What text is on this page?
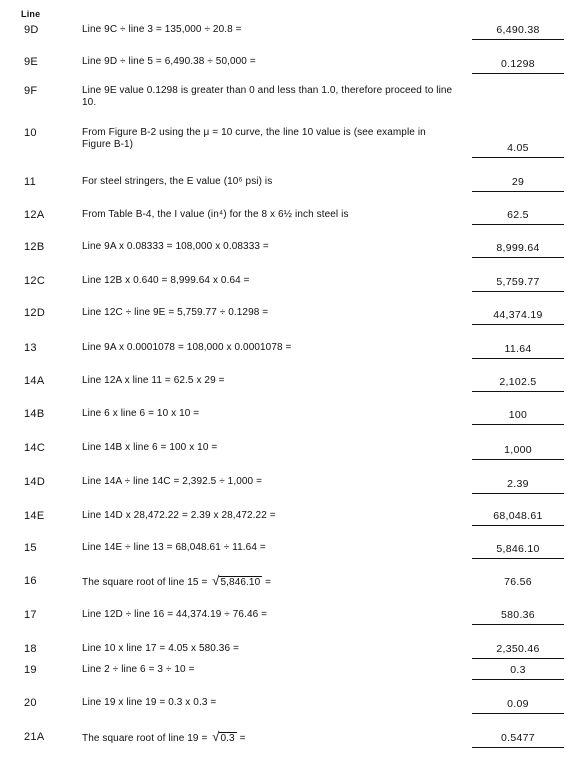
Line
9D	Line 9C ÷ line 3 = 135,000 ÷ 20.8 =	6,490.38
9E	Line 9D ÷ line 5 = 6,490.38 ÷ 50,000 =	0.1298
9F	Line 9E value 0.1298 is greater than 0 and less than 1.0, therefore proceed to line 10.
10	From Figure B-2 using the μ = 10 curve, the line 10 value is (see example in Figure B-1)	4.05
11	For steel stringers, the E value (10⁶ psi) is	29
12A	From Table B-4, the I value (in⁴) for the 8 x 6½ inch steel is	62.5
12B	Line 9A x 0.08333 = 108,000 x 0.08333 =	8,999.64
12C	Line 12B x 0.640 = 8,999.64 x 0.64 =	5,759.77
12D	Line 12C ÷ line 9E = 5,759.77 ÷ 0.1298 =	44,374.19
13	Line 9A x 0.0001078 = 108,000 x 0.0001078 =	11.64
14A	Line 12A x line 11 = 62.5 x 29 =	2,102.5
14B	Line 6 x line 6 = 10 x 10 =	100
14C	Line 14B x line 6 = 100 x 10 =	1,000
14D	Line 14A ÷ line 14C = 2,392.5 ÷ 1,000 =	2.39
14E	Line 14D x 28,472.22 = 2.39 x 28,472.22 =	68,048.61
15	Line 14E ÷ line 13 = 68,048.61 ÷ 11.64 =	5,846.10
16	The square root of line 15 = √5,846.10 =	76.56
17	Line 12D ÷ line 16 = 44,374.19 ÷ 76.46 =	580.36
18	Line 10 x line 17 = 4.05 x 580.36 =	2,350.46
19	Line 2 ÷ line 6 = 3 ÷ 10 =	0.3
20	Line 19 x line 19 = 0.3 x 0.3 =	0.09
21A	The square root of line 19 = √0.3 =	0.5477
